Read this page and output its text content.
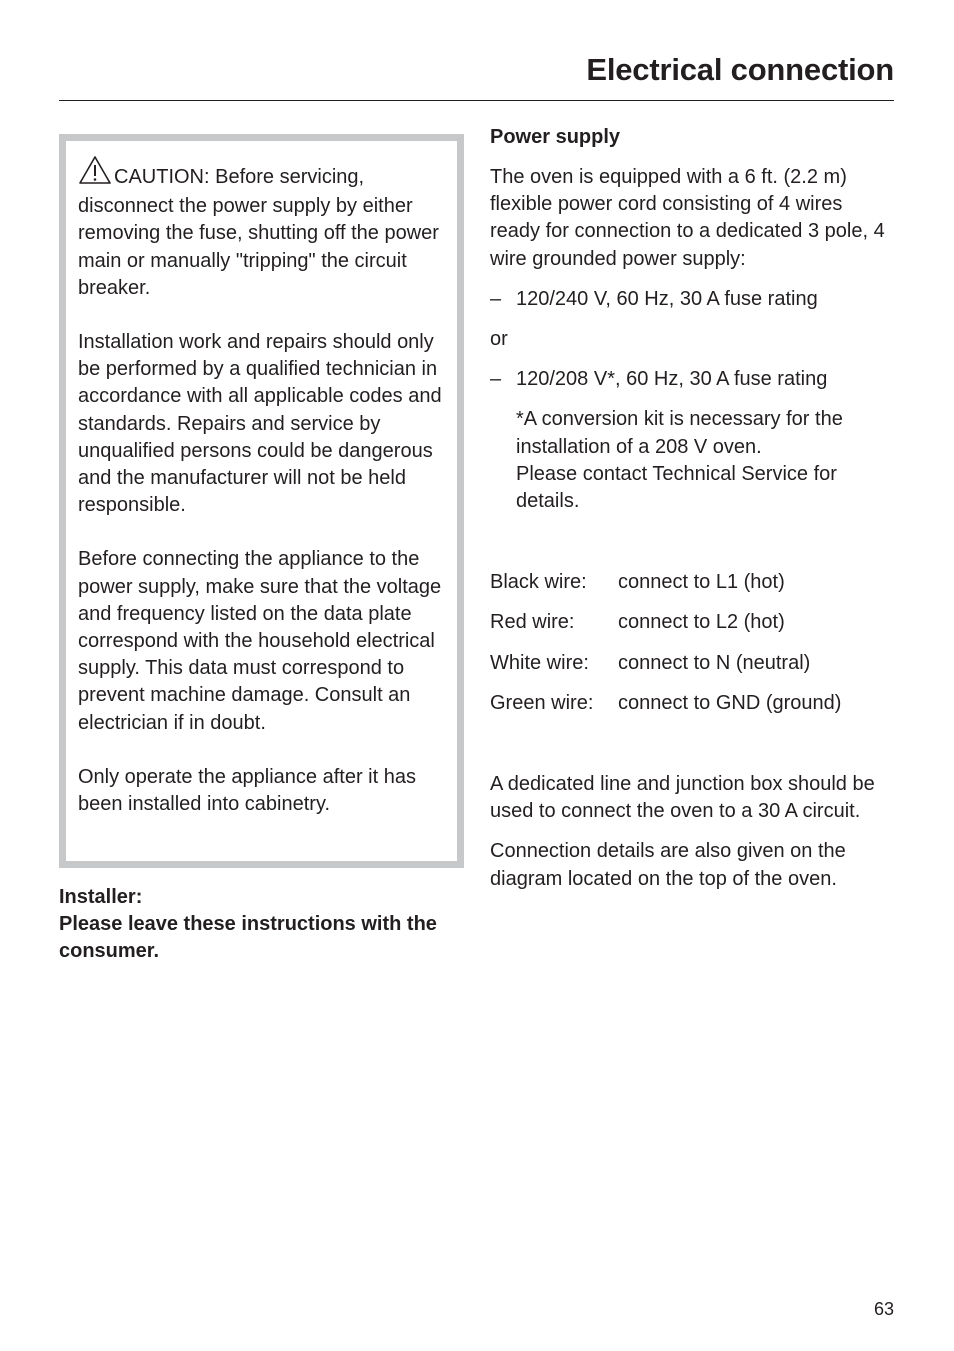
Electrical connection

CAUTION: Before servicing, disconnect the power supply by either removing the fuse, shutting off the power main or manually "tripping" the circuit breaker.

Installation work and repairs should only be performed by a qualified technician in accordance with all applicable codes and standards. Repairs and service by unqualified persons could be dangerous and the manufacturer will not be held responsible.

Before connecting the appliance to the power supply, make sure that the voltage and frequency listed on the data plate correspond with the household electrical supply. This data must correspond to prevent machine damage. Consult an electrician if in doubt.

Only operate the appliance after it has been installed into cabinetry.

Installer:
Please leave these instructions with the consumer.
Power supply

The oven is equipped with a 6 ft. (2.2 m) flexible power cord consisting of 4 wires ready for connection to a dedicated 3 pole, 4 wire grounded power supply:

– 120/240 V, 60 Hz, 30 A fuse rating

or

– 120/208 V*, 60 Hz, 30 A fuse rating

*A conversion kit is necessary for the installation of a 208 V oven.
Please contact Technical Service for details.

Black wire:	connect to L1 (hot)

Red wire:	connect to L2 (hot)

White wire:	connect to N (neutral)

Green wire:	connect to GND (ground)

A dedicated line and junction box should be used to connect the oven to a 30 A circuit.

Connection details are also given on the diagram located on the top of the oven.

63
